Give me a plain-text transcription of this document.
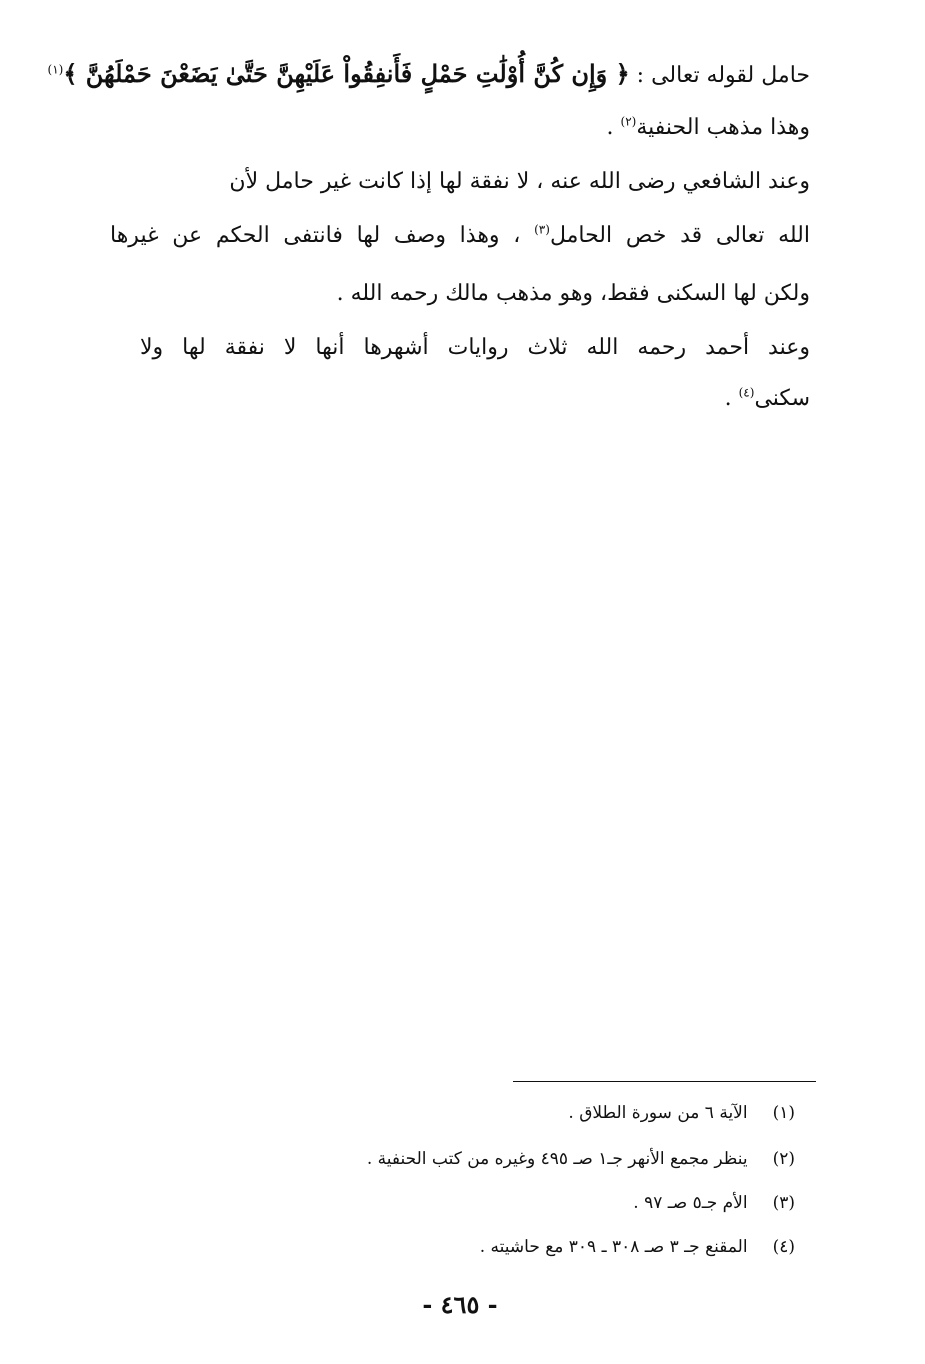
حامل لقوله تعالى : ﴿ وَإِن كُنَّ أُوْلَٰتِ حَمْلٍ فَأَنفِقُواْ عَلَيْهِنَّ حَتَّىٰ يَضَعْنَ حَمْلَهُنَّ ﴾$^{(١)}$
وهذا مذهب الحنفية$^{(٢)}$ .
وعند الشافعي رضى الله عنه ، لا نفقة لها إذا كانت غير حامل لأن
الله تعالى قد خص الحامل$^{(٣)}$ ، وهذا وصف لها فانتفى الحكم عن غيرها
ولكن لها السكنى فقط، وهو مذهب مالك رحمه الله .
وعند أحمد رحمه الله ثلاث روايات أشهرها أنها لا نفقة لها ولا
سكنى$^{(٤)}$ .
(١) الآية ٦ من سورة الطلاق .
(٢) ينظر مجمع الأنهر جـ١ صـ ٤٩٥ وغيره من كتب الحنفية .
(٣) الأم جـ٥ صـ ٩٧ .
(٤) المقنع جـ ٣ صـ ٣٠٨ ـ ٣٠٩ مع حاشيته .
- ٤٦٥ -
